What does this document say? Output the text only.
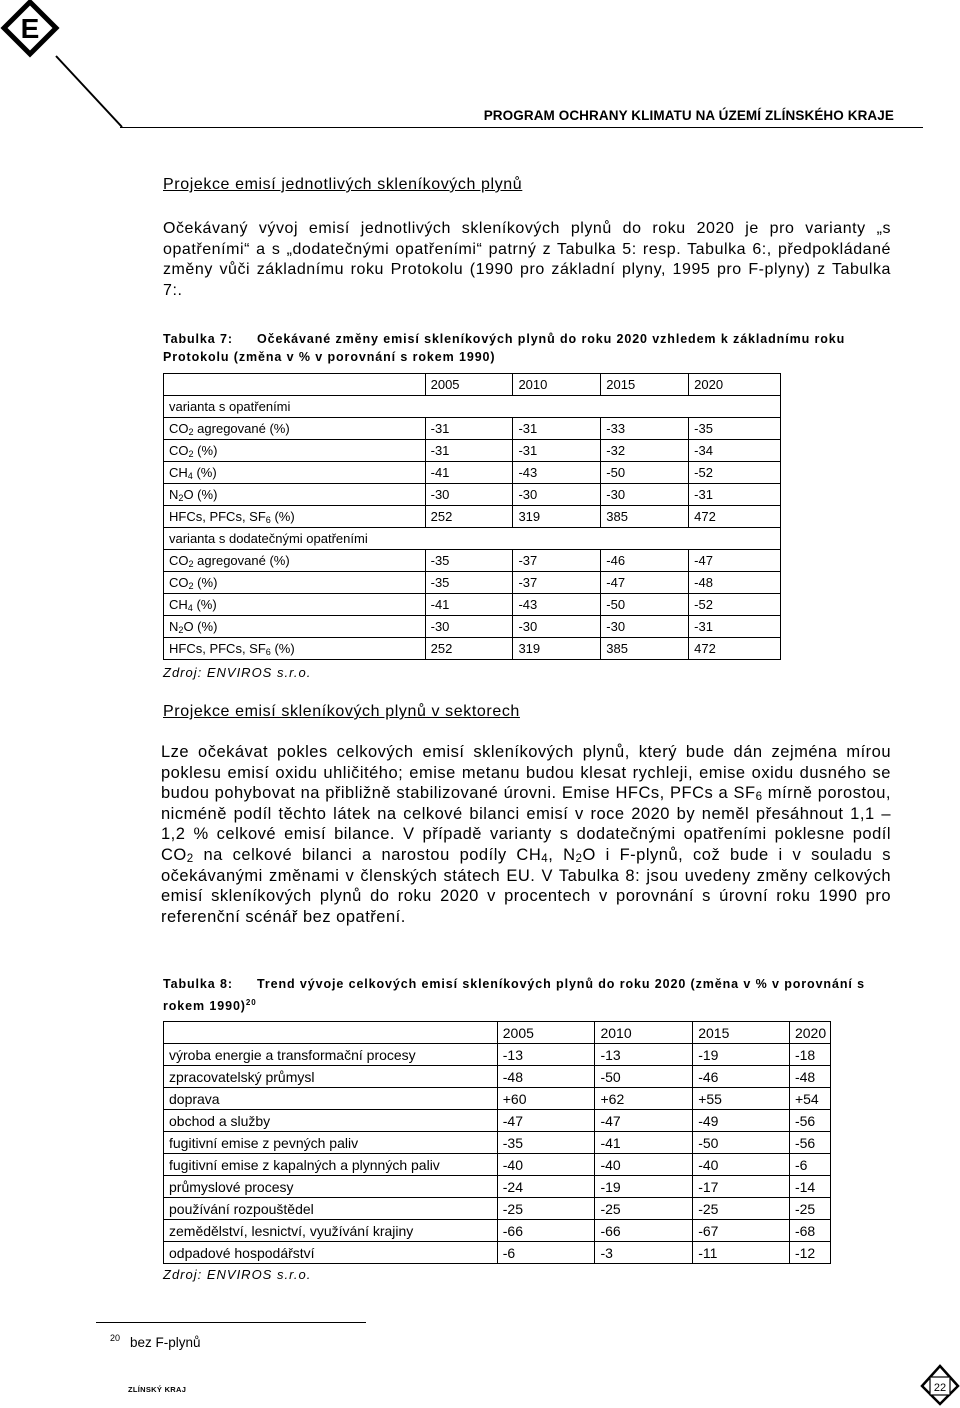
E
PROGRAM OCHRANY KLIMATU NA ÚZEMÍ ZLÍNSKÉHO KRAJE
Projekce emisí jednotlivých skleníkových plynů
Očekávaný vývoj emisí jednotlivých skleníkových plynů do roku 2020 je pro varianty „s opatřeními“ a s „dodatečnými opatřeními“ patrný z Tabulka 5: resp. Tabulka 6:, předpokládané změny vůči základnímu roku Protokolu (1990 pro základní plyny, 1995 pro F-plyny) z Tabulka 7:.
Tabulka 7: Očekávané změny emisí skleníkových plynů do roku 2020 vzhledem k základnímu roku Protokolu (změna v % v porovnání s rokem 1990)
	2005	2010	2015	2020
varianta s opatřeními				
$CO_2$ agregované (%)	-31	-31	-33	-35
$CO_2$ (%)	-31	-31	-32	-34
$CH_4$ (%)	-41	-43	-50	-52
$N_2O$ (%)	-30	-30	-30	-31
HFCs, PFCs, $SF_6$ (%)	252	319	385	472
varianta s dodatečnými opatřeními				
$CO_2$ agregované (%)	-35	-37	-46	-47
$CO_2$ (%)	-35	-37	-47	-48
$CH_4$ (%)	-41	-43	-50	-52
$N_2O$ (%)	-30	-30	-30	-31
HFCs, PFCs, $SF_6$ (%)	252	319	385	472
Zdroj: ENVIROS s.r.o.
Projekce emisí skleníkových plynů v sektorech
Lze očekávat pokles celkových emisí skleníkových plynů, který bude dán zejména mírou poklesu emisí oxidu uhličitého; emise metanu budou klesat rychleji, emise oxidu dusného se budou pohybovat na přibližně stabilizované úrovni. Emise HFCs, PFCs a $SF_6$ mírně porostou, nicméně podíl těchto látek na celkové bilanci emisí v roce 2020 by neměl přesáhnout 1,1 – 1,2 % celkové emisí bilance. V případě varianty s dodatečnými opatřeními poklesne podíl $CO_2$ na celkové bilanci a narostou podíly $CH_4$, $N_2O$ i F-plynů, což bude i v souladu s očekávanými změnami v členských státech EU. V Tabulka 8: jsou uvedeny změny celkových emisí skleníkových plynů do roku 2020 v procentech v porovnání s úrovní roku 1990 pro referenční scénář bez opatření.
Tabulka 8: Trend vývoje celkových emisí skleníkových plynů do roku 2020 (změna v % v porovnání s rokem 1990)$^{20}$
	2005	2010	2015	2020
výroba energie a transformační procesy	-13	-13	-19	-18
zpracovatelský průmysl	-48	-50	-46	-48
doprava	+60	+62	+55	+54
obchod a služby	-47	-47	-49	-56
fugitivní emise z pevných paliv	-35	-41	-50	-56
fugitivní emise z kapalných a plynných paliv	-40	-40	-40	-6
průmyslové procesy	-24	-19	-17	-14
používání rozpouštědel	-25	-25	-25	-25
zemědělství, lesnictví, využívání krajiny	-66	-66	-67	-68
odpadové hospodářství	-6	-3	-11	-12
Zdroj: ENVIROS s.r.o.
$^{20}$ bez F-plynů
ZLÍNSKÝ KRAJ	22
